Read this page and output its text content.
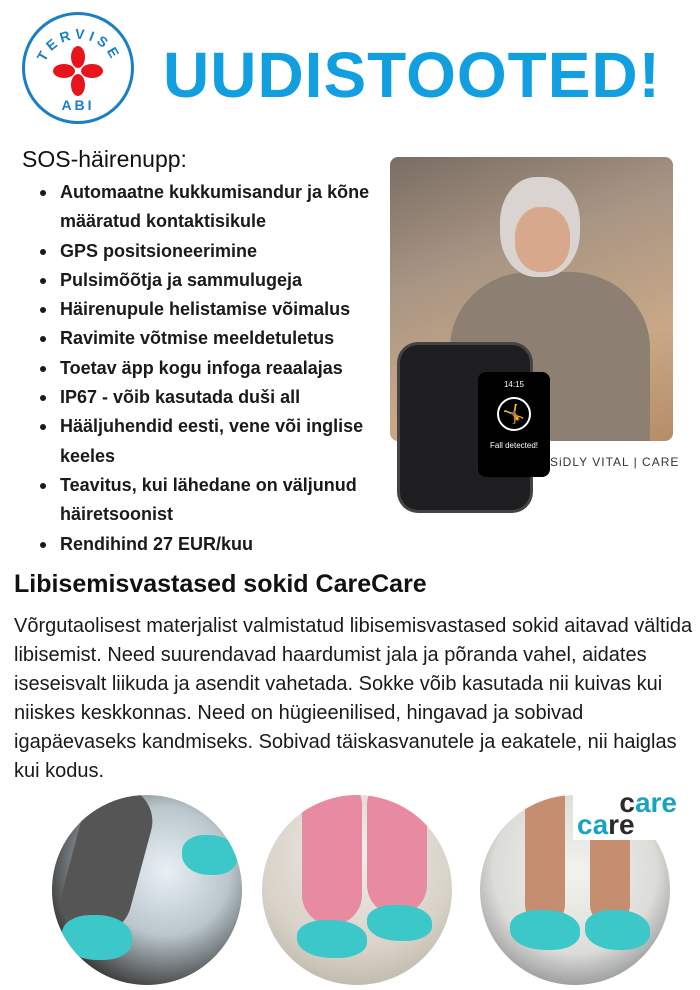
TERVISE
ABI UUDISTOOTED!
SOS-häirenupp:
Automaatne kukkumisandur ja kõne määratud kontaktisikule
GPS positsioneerimine
Pulsimõõtja ja sammulugeja
Häirenupule helistamise võimalus
Ravimite võtmise meeldetuletus
Toetav äpp kogu infoga reaalajas
IP67 - võib kasutada duši all
Hääljuhendid eesti, vene või inglise keeles
Teavitus, kui lähedane on väljunud häiretsoonist
Rendihind 27 EUR/kuu
14:15
🤸
Fall detected!
SiDLY VITAL | CARE
Libisemisvastased sokid CareCare
Võrgutaolisest materjalist valmistatud libisemisvastased sokid aitavad vältida libisemist. Need suurendavad haardumist jala ja põranda vahel, aidates iseseisvalt liikuda ja asendit vahetada. Sokke võib kasutada nii kuivas kui niiskes keskkonnas. Need on hügieenilised, hingavad ja sobivad igapäevaseks kandmiseks. Sobivad täiskasvanutele ja eakatele, nii haiglas kui kodus.
care
care
